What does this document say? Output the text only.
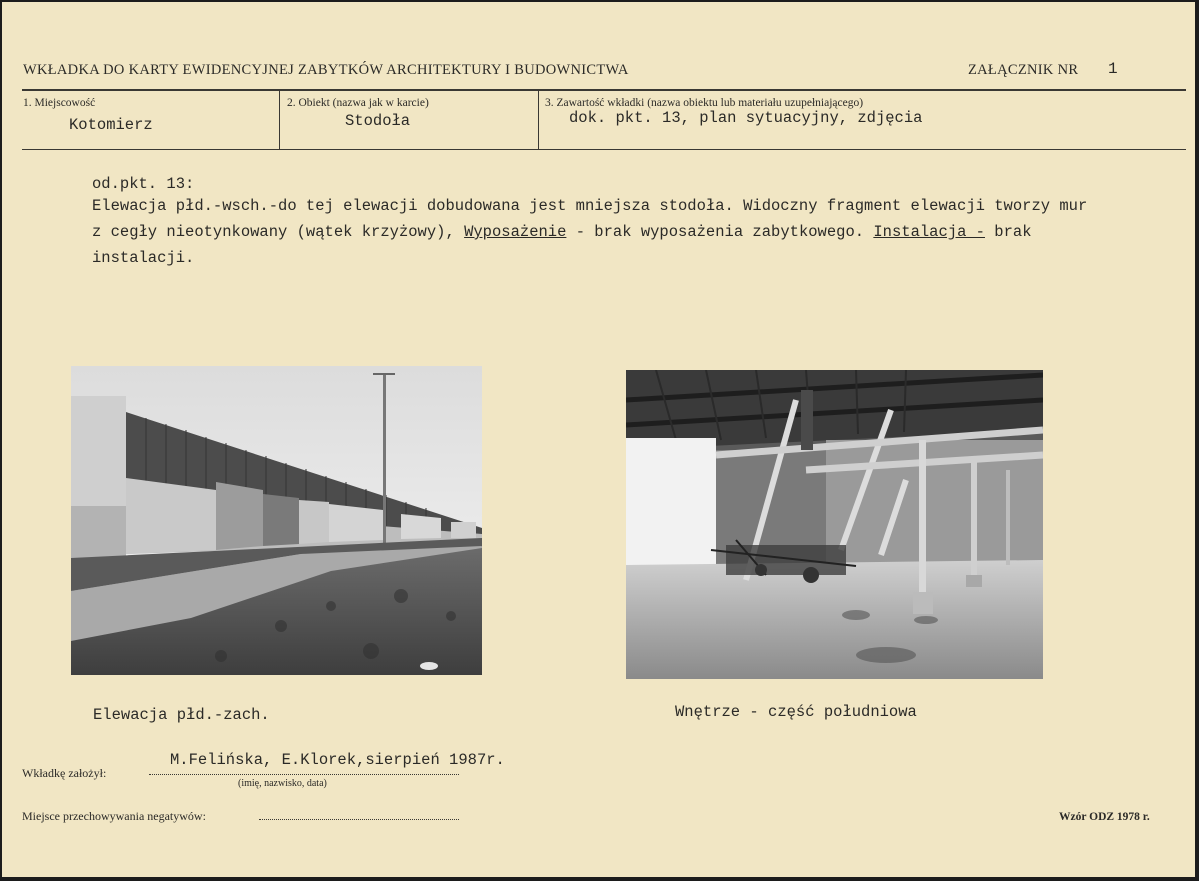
WKŁADKA DO KARTY EWIDENCYJNEJ ZABYTKÓW ARCHITEKTURY I BUDOWNICTWA	ZAŁĄCZNIK NR 1
1. Miejscowość
Kotomierz
2. Obiekt (nazwa jak w karcie)
Stodoła
3. Zawartość wkładki (nazwa obiektu lub materiału uzupełniającego)
dok. pkt. 13, plan sytuacyjny, zdjęcia
od.pkt. 13:
Elewacja płd.-wsch.-do tej elewacji dobudowana jest mniejsza stodoła. Widoczny fragment elewacji tworzy mur
z cegły nieotynkowany (wątek krzyżowy), Wyposażenie - brak wyposażenia zabytkowego. Instalacja - brak
instalacji.
Elewacja płd.-zach.	Wnętrze - część południowa
Wkładkę założył:
M.Felińska, E.Klorek,sierpień 1987r.
(imię, nazwisko, data)
Miejsce przechowywania negatywów:	Wzór ODZ 1978 r.
